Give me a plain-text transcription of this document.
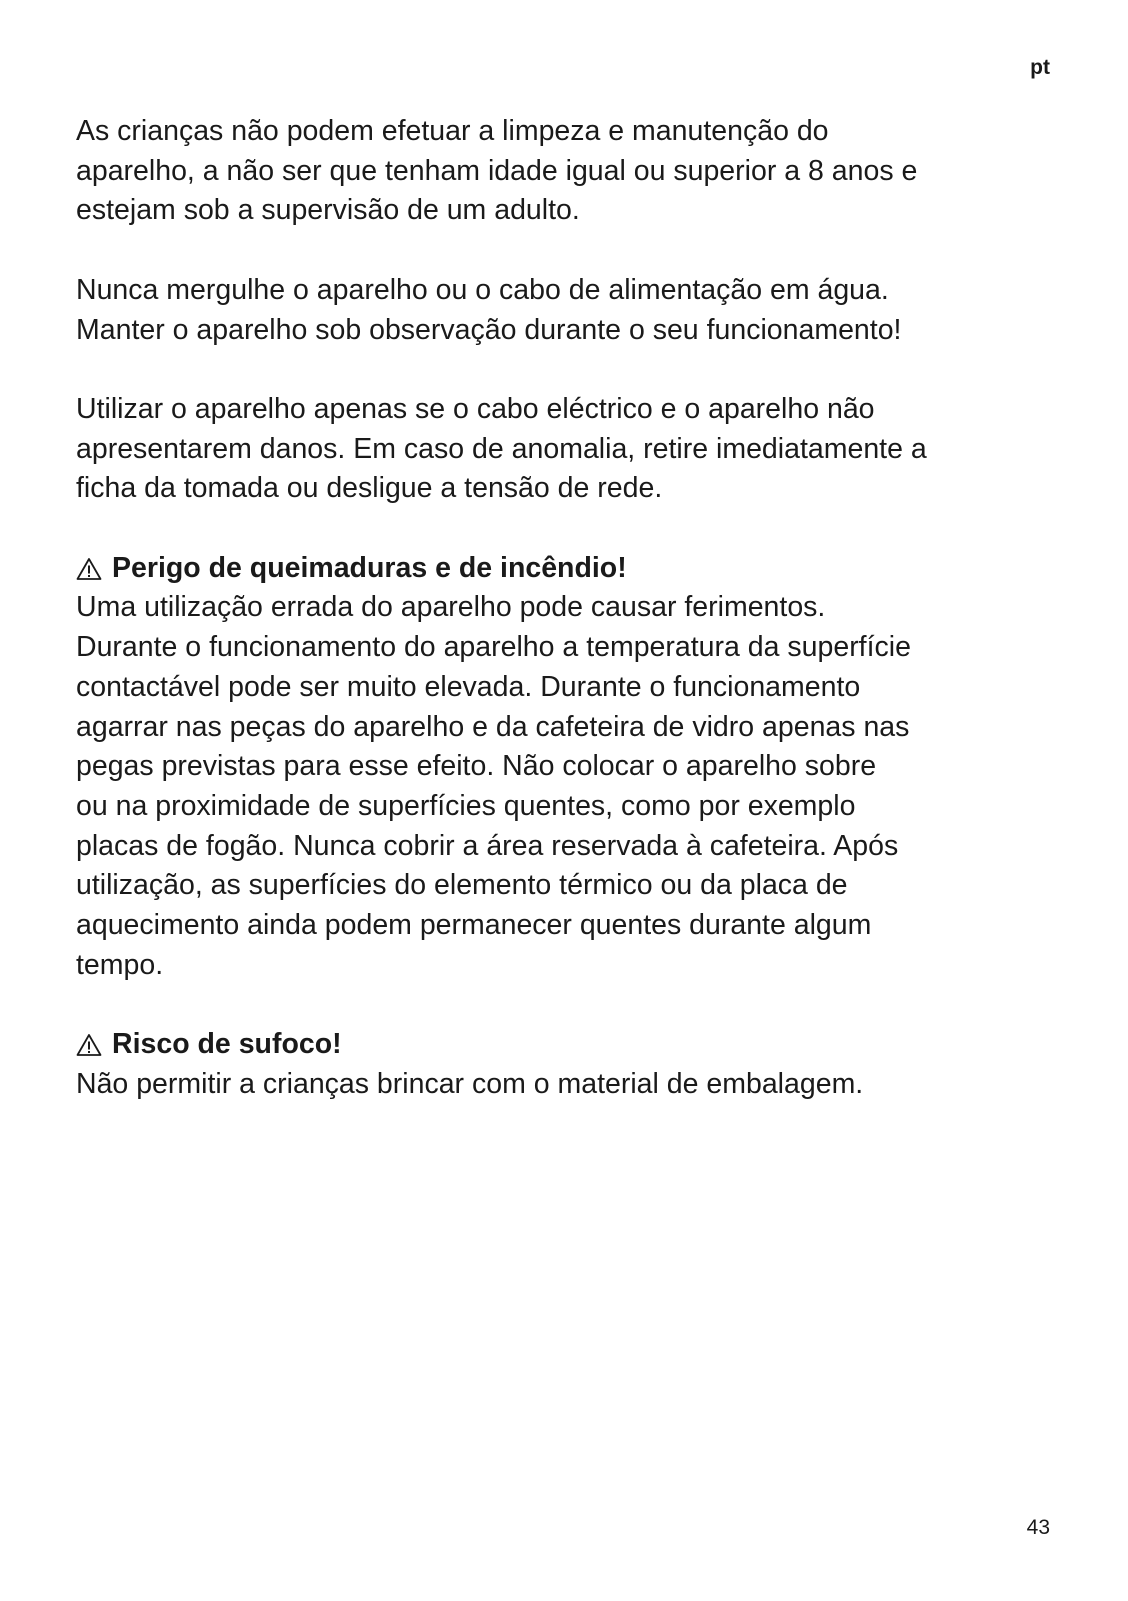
pt

As crianças não podem efetuar a limpeza e manutenção do
aparelho, a não ser que tenham idade igual ou superior a 8 anos e
estejam sob a supervisão de um adulto.

Nunca mergulhe o aparelho ou o cabo de alimentação em água.
Manter o aparelho sob observação durante o seu funcionamento!

Utilizar o aparelho apenas se o cabo eléctrico e o aparelho não
apresentarem danos. Em caso de anomalia, retire imediatamente a
ficha da tomada ou desligue a tensão de rede.

Perigo de queimaduras e de incêndio!
Uma utilização errada do aparelho pode causar ferimentos.
Durante o funcionamento do aparelho a temperatura da superfície
contactável pode ser muito elevada. Durante o funcionamento
agarrar nas peças do aparelho e da cafeteira de vidro apenas nas
pegas previstas para esse efeito. Não colocar o aparelho sobre
ou na proximidade de superfícies quentes, como por exemplo
placas de fogão. Nunca cobrir a área reservada à cafeteira. Após
utilização, as superfícies do elemento térmico ou da placa de
aquecimento ainda podem permanecer quentes durante algum
tempo.
Risco de sufoco!
Não permitir a crianças brincar com o material de embalagem.
43
